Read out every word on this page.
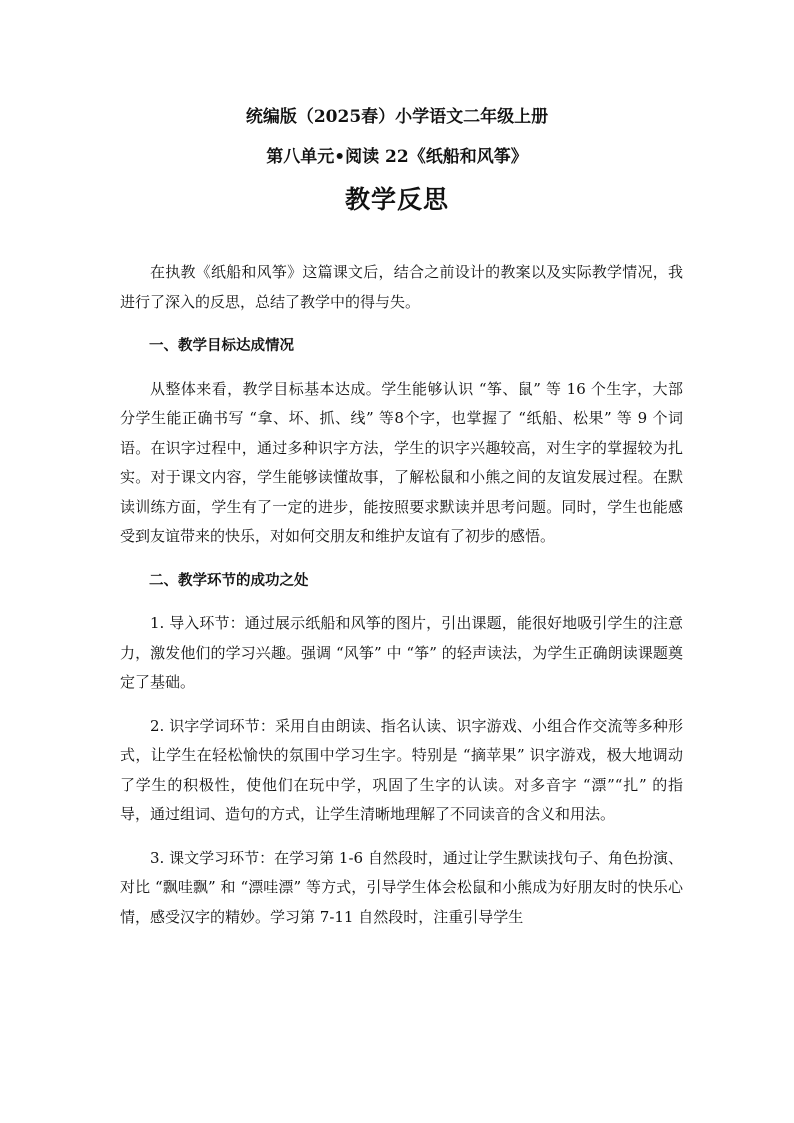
统编版（2025春）小学语文二年级上册
第八单元•阅读 22《纸船和风筝》
教学反思

在执教《纸船和风筝》这篇课文后，结合之前设计的教案以及实际教学情况，我进行了深入的反思，总结了教学中的得与失。

一、教学目标达成情况

从整体来看，教学目标基本达成。学生能够认识 “筝、鼠” 等 16 个生字，大部分学生能正确书写 “拿、坏、抓、线” 等8个字，也掌握了 “纸船、松果” 等 9 个词语。在识字过程中，通过多种识字方法，学生的识字兴趣较高，对生字的掌握较为扎实。对于课文内容，学生能够读懂故事，了解松鼠和小熊之间的友谊发展过程。在默读训练方面，学生有了一定的进步，能按照要求默读并思考问题。同时，学生也能感受到友谊带来的快乐，对如何交朋友和维护友谊有了初步的感悟。

二、教学环节的成功之处

1. 导入环节：通过展示纸船和风筝的图片，引出课题，能很好地吸引学生的注意力，激发他们的学习兴趣。强调 “风筝” 中 “筝” 的轻声读法，为学生正确朗读课题奠定了基础。

2. 识字学词环节：采用自由朗读、指名认读、识字游戏、小组合作交流等多种形式，让学生在轻松愉快的氛围中学习生字。特别是 “摘苹果” 识字游戏，极大地调动了学生的积极性，使他们在玩中学，巩固了生字的认读。对多音字 “漂”“扎” 的指导，通过组词、造句的方式，让学生清晰地理解了不同读音的含义和用法。

3. 课文学习环节：在学习第 1-6 自然段时，通过让学生默读找句子、角色扮演、对比 “飘哇飘” 和 “漂哇漂” 等方式，引导学生体会松鼠和小熊成为好朋友时的快乐心情，感受汉字的精妙。学习第 7-11 自然段时，注重引导学生
